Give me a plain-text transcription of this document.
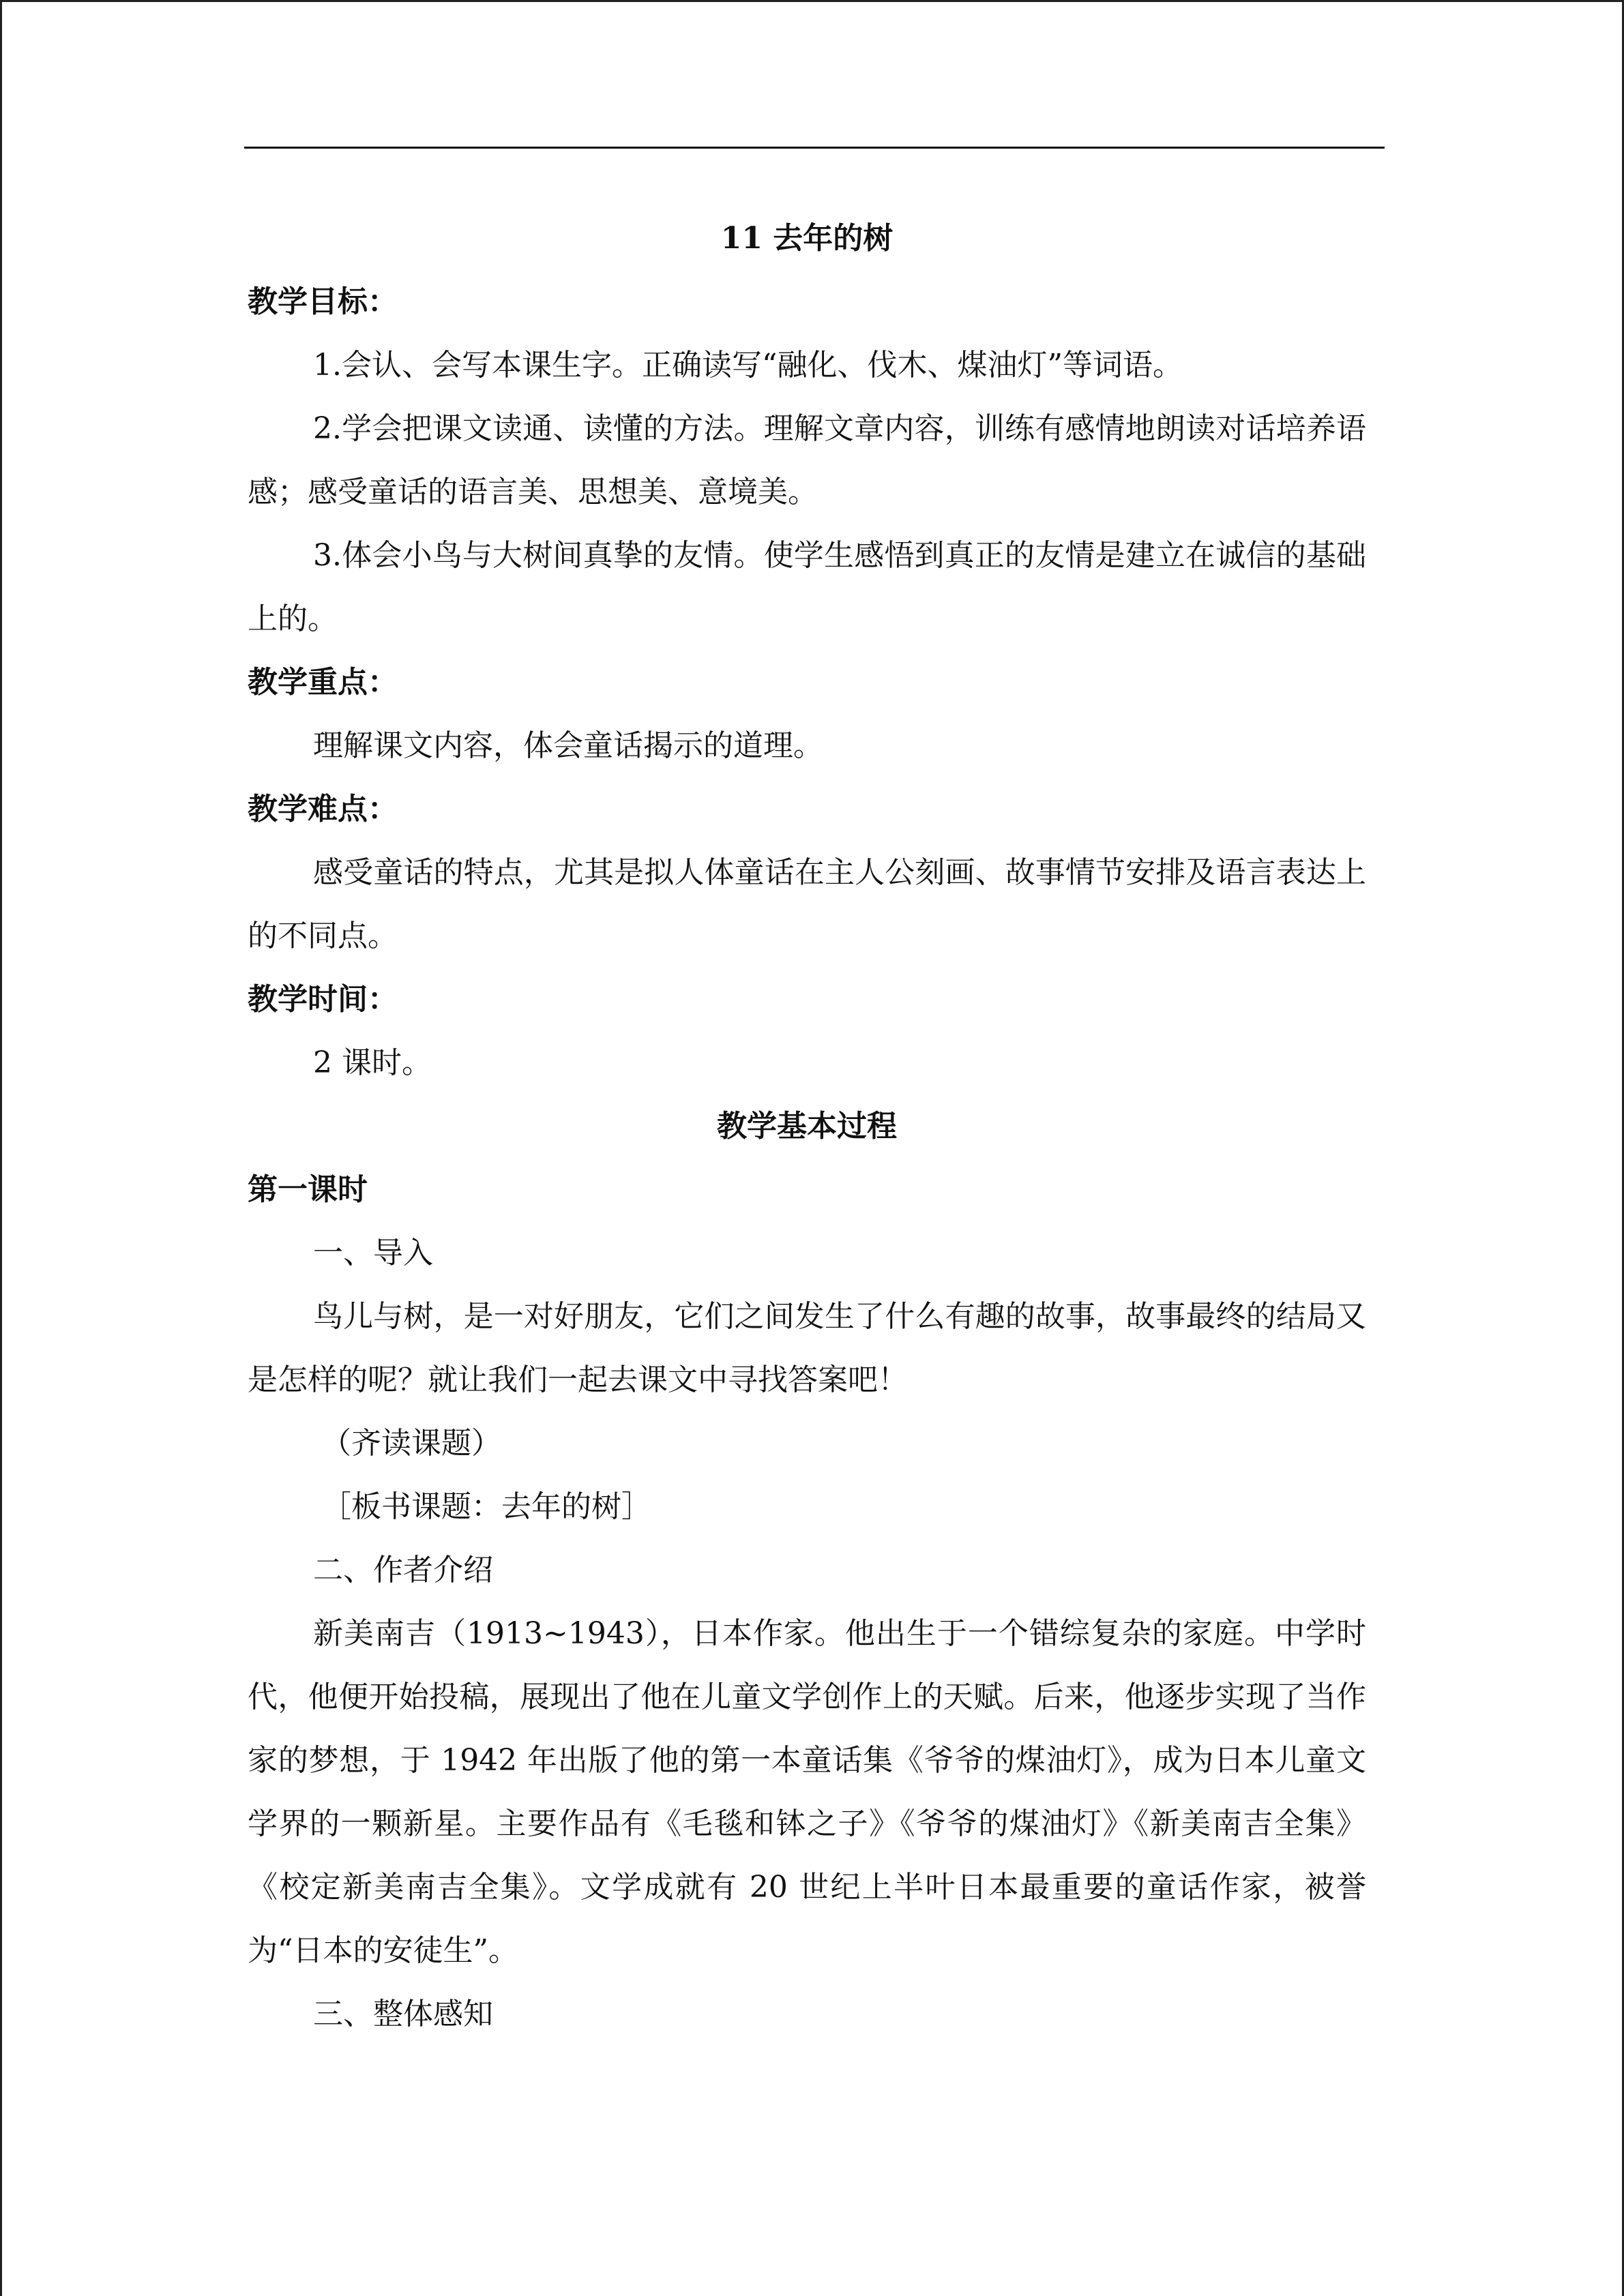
11 去年的树

教学目标：

1.会认、会写本课生字。正确读写“融化、伐木、煤油灯”等词语。

2.学会把课文读通、读懂的方法。理解文章内容，训练有感情地朗读对话培养语感；感受童话的语言美、思想美、意境美。

3.体会小鸟与大树间真挚的友情。使学生感悟到真正的友情是建立在诚信的基础上的。

教学重点：

理解课文内容，体会童话揭示的道理。

教学难点：

感受童话的特点，尤其是拟人体童话在主人公刻画、故事情节安排及语言表达上的不同点。

教学时间：

2 课时。

教学基本过程

第一课时

一、导入

鸟儿与树，是一对好朋友，它们之间发生了什么有趣的故事，故事最终的结局又是怎样的呢？就让我们一起去课文中寻找答案吧！

（齐读课题）

［板书课题：去年的树］

二、作者介绍

新美南吉（1913~1943），日本作家。他出生于一个错综复杂的家庭。中学时代，他便开始投稿，展现出了他在儿童文学创作上的天赋。后来，他逐步实现了当作家的梦想，于 1942 年出版了他的第一本童话集《爷爷的煤油灯》，成为日本儿童文学界的一颗新星。主要作品有《毛毯和钵之子》《爷爷的煤油灯》《新美南吉全集》《校定新美南吉全集》。文学成就有 20 世纪上半叶日本最重要的童话作家，被誉为“日本的安徒生”。

三、整体感知
